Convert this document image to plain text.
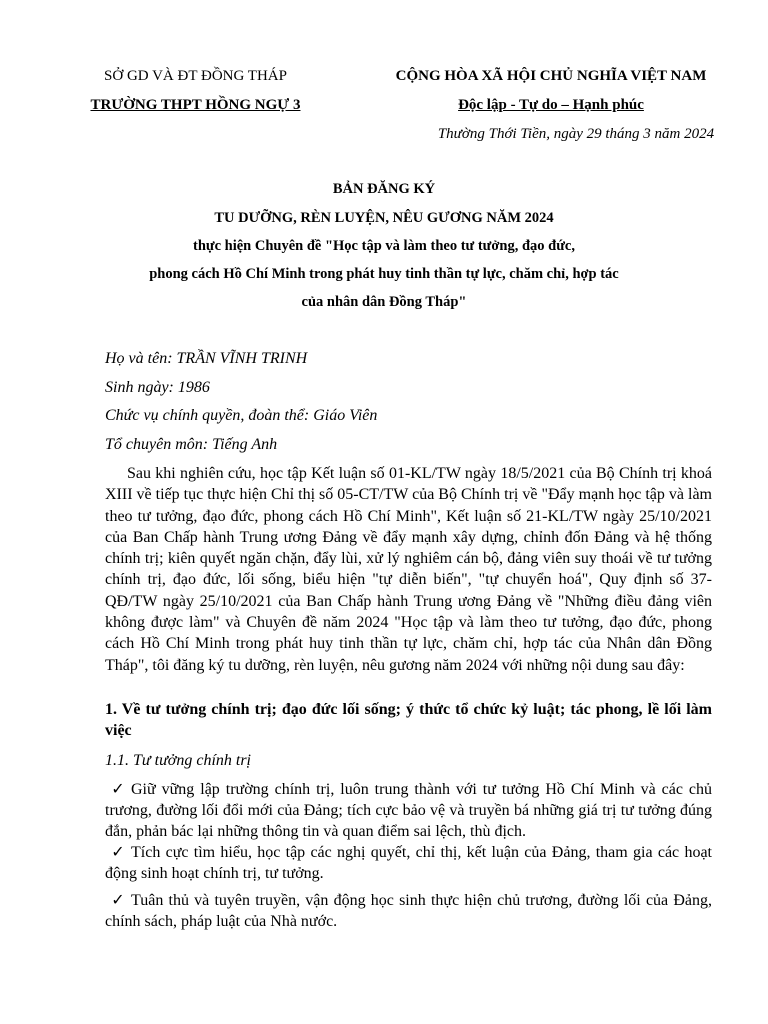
SỞ GD VÀ ĐT ĐỒNG THÁP
TRƯỜNG THPT HỒNG NGỰ 3
CỘNG HÒA XÃ HỘI CHỦ NGHĨA VIỆT NAM
Độc lập - Tự do – Hạnh phúc
Thường Thới Tiền, ngày 29 tháng 3 năm 2024
BẢN ĐĂNG KÝ
TU DƯỠNG, RÈN LUYỆN, NÊU GƯƠNG NĂM 2024
thực hiện Chuyên đề "Học tập và làm theo tư tưởng, đạo đức,
phong cách Hồ Chí Minh trong phát huy tinh thần tự lực, chăm chỉ, hợp tác
của nhân dân Đồng Tháp"
Họ và tên: TRẦN VĨNH TRINH
Sinh ngày: 1986
Chức vụ chính quyền, đoàn thể: Giáo Viên
Tổ chuyên môn: Tiếng Anh
Sau khi nghiên cứu, học tập Kết luận số 01-KL/TW ngày 18/5/2021 của Bộ Chính trị khoá XIII về tiếp tục thực hiện Chỉ thị số 05-CT/TW của Bộ Chính trị về "Đẩy mạnh học tập và làm theo tư tưởng, đạo đức, phong cách Hồ Chí Minh", Kết luận số 21-KL/TW ngày 25/10/2021 của Ban Chấp hành Trung ương Đảng về đẩy mạnh xây dựng, chỉnh đốn Đảng và hệ thống chính trị; kiên quyết ngăn chặn, đẩy lùi, xử lý nghiêm cán bộ, đảng viên suy thoái về tư tưởng chính trị, đạo đức, lối sống, biểu hiện "tự diễn biến", "tự chuyển hoá", Quy định số 37-QĐ/TW ngày 25/10/2021 của Ban Chấp hành Trung ương Đảng về "Những điều đảng viên không được làm" và Chuyên đề năm 2024 "Học tập và làm theo tư tưởng, đạo đức, phong cách Hồ Chí Minh trong phát huy tinh thần tự lực, chăm chỉ, hợp tác của Nhân dân Đồng Tháp", tôi đăng ký tu dưỡng, rèn luyện, nêu gương năm 2024 với những nội dung sau đây:
1. Về tư tưởng chính trị; đạo đức lối sống; ý thức tổ chức kỷ luật; tác phong, lề lối làm việc
1.1. Tư tưởng chính trị
✓ Giữ vững lập trường chính trị, luôn trung thành với tư tưởng Hồ Chí Minh và các chủ trương, đường lối đổi mới của Đảng; tích cực bảo vệ và truyền bá những giá trị tư tưởng đúng đắn, phản bác lại những thông tin và quan điểm sai lệch, thù địch.
✓ Tích cực tìm hiểu, học tập các nghị quyết, chỉ thị, kết luận của Đảng, tham gia các hoạt động sinh hoạt chính trị, tư tưởng.
✓ Tuân thủ và tuyên truyền, vận động học sinh thực hiện chủ trương, đường lối của Đảng, chính sách, pháp luật của Nhà nước.
